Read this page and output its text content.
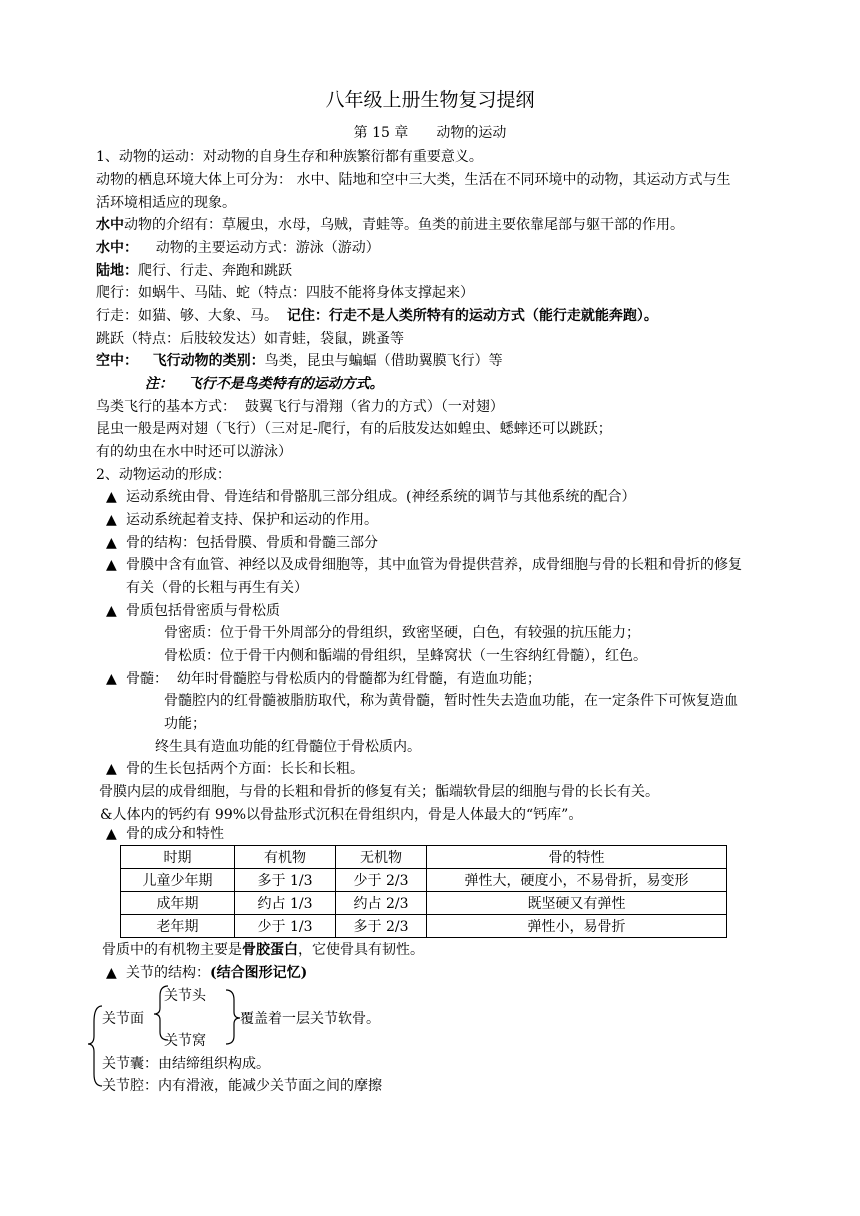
八年级上册生物复习提纲
第 15 章 动物的运动
1、动物的运动：对动物的自身生存和种族繁衍都有重要意义。
动物的栖息环境大体上可分为： 水中、陆地和空中三大类，生活在不同环境中的动物，其运动方式与生
活环境相适应的现象。
水中动物的介绍有：草履虫，水母，乌贼，青蛙等。鱼类的前进主要依靠尾部与躯干部的作用。
水中：    动物的主要运动方式：游泳（游动）
陆地：爬行、行走、奔跑和跳跃
爬行：如蜗牛、马陆、蛇（特点：四肢不能将身体支撑起来）
行走：如猫、够、大象、马。  记住：行走不是人类所特有的运动方式（能行走就能奔跑）。
跳跃（特点：后肢较发达）如青蛙，袋鼠，跳蚤等
空中：   飞行动物的类别：鸟类，昆虫与蝙蝠（借助翼膜飞行）等
注：   飞行不是鸟类特有的运动方式。
鸟类飞行的基本方式：  鼓翼飞行与滑翔（省力的方式）（一对翅）
昆虫一般是两对翅（飞行）（三对足-爬行，有的后肢发达如蝗虫、蟋蟀还可以跳跃；
有的幼虫在水中时还可以游泳）
2、动物运动的形成：
▲ 运动系统由骨、骨连结和骨骼肌三部分组成。(神经系统的调节与其他系统的配合）
▲ 运动系统起着支持、保护和运动的作用。
▲ 骨的结构：包括骨膜、骨质和骨髓三部分
▲ 骨膜中含有血管、神经以及成骨细胞等，其中血管为骨提供营养，成骨细胞与骨的长粗和骨折的修复
有关（骨的长粗与再生有关）
▲ 骨质包括骨密质与骨松质
骨密质：位于骨干外周部分的骨组织，致密坚硬，白色，有较强的抗压能力；
骨松质：位于骨干内侧和骺端的骨组织，呈蜂窝状（一生容纳红骨髓），红色。
▲ 骨髓：  幼年时骨髓腔与骨松质内的骨髓都为红骨髓，有造血功能；
骨髓腔内的红骨髓被脂肪取代，称为黄骨髓，暂时性失去造血功能，在一定条件下可恢复造血
功能；
终生具有造血功能的红骨髓位于骨松质内。
▲ 骨的生长包括两个方面：长长和长粗。
骨膜内层的成骨细胞，与骨的长粗和骨折的修复有关；骺端软骨层的细胞与骨的长长有关。
&人体内的钙约有 99%以骨盐形式沉积在骨组织内，骨是人体最大的“钙库”。
▲ 骨的成分和特性
时期	有机物	无机物	骨的特性
儿童少年期	多于 1/3	少于 2/3	弹性大，硬度小，不易骨折，易变形
成年期	约占 1/3	约占 2/3	既坚硬又有弹性
老年期	少于 1/3	多于 2/3	弹性小，易骨折
骨质中的有机物主要是骨胶蛋白，它使骨具有韧性。
▲ 关节的结构：(结合图形记忆)
关节头
关节面	覆盖着一层关节软骨。
关节窝
关节囊：由结缔组织构成。
关节腔：内有滑液，能减少关节面之间的摩擦
